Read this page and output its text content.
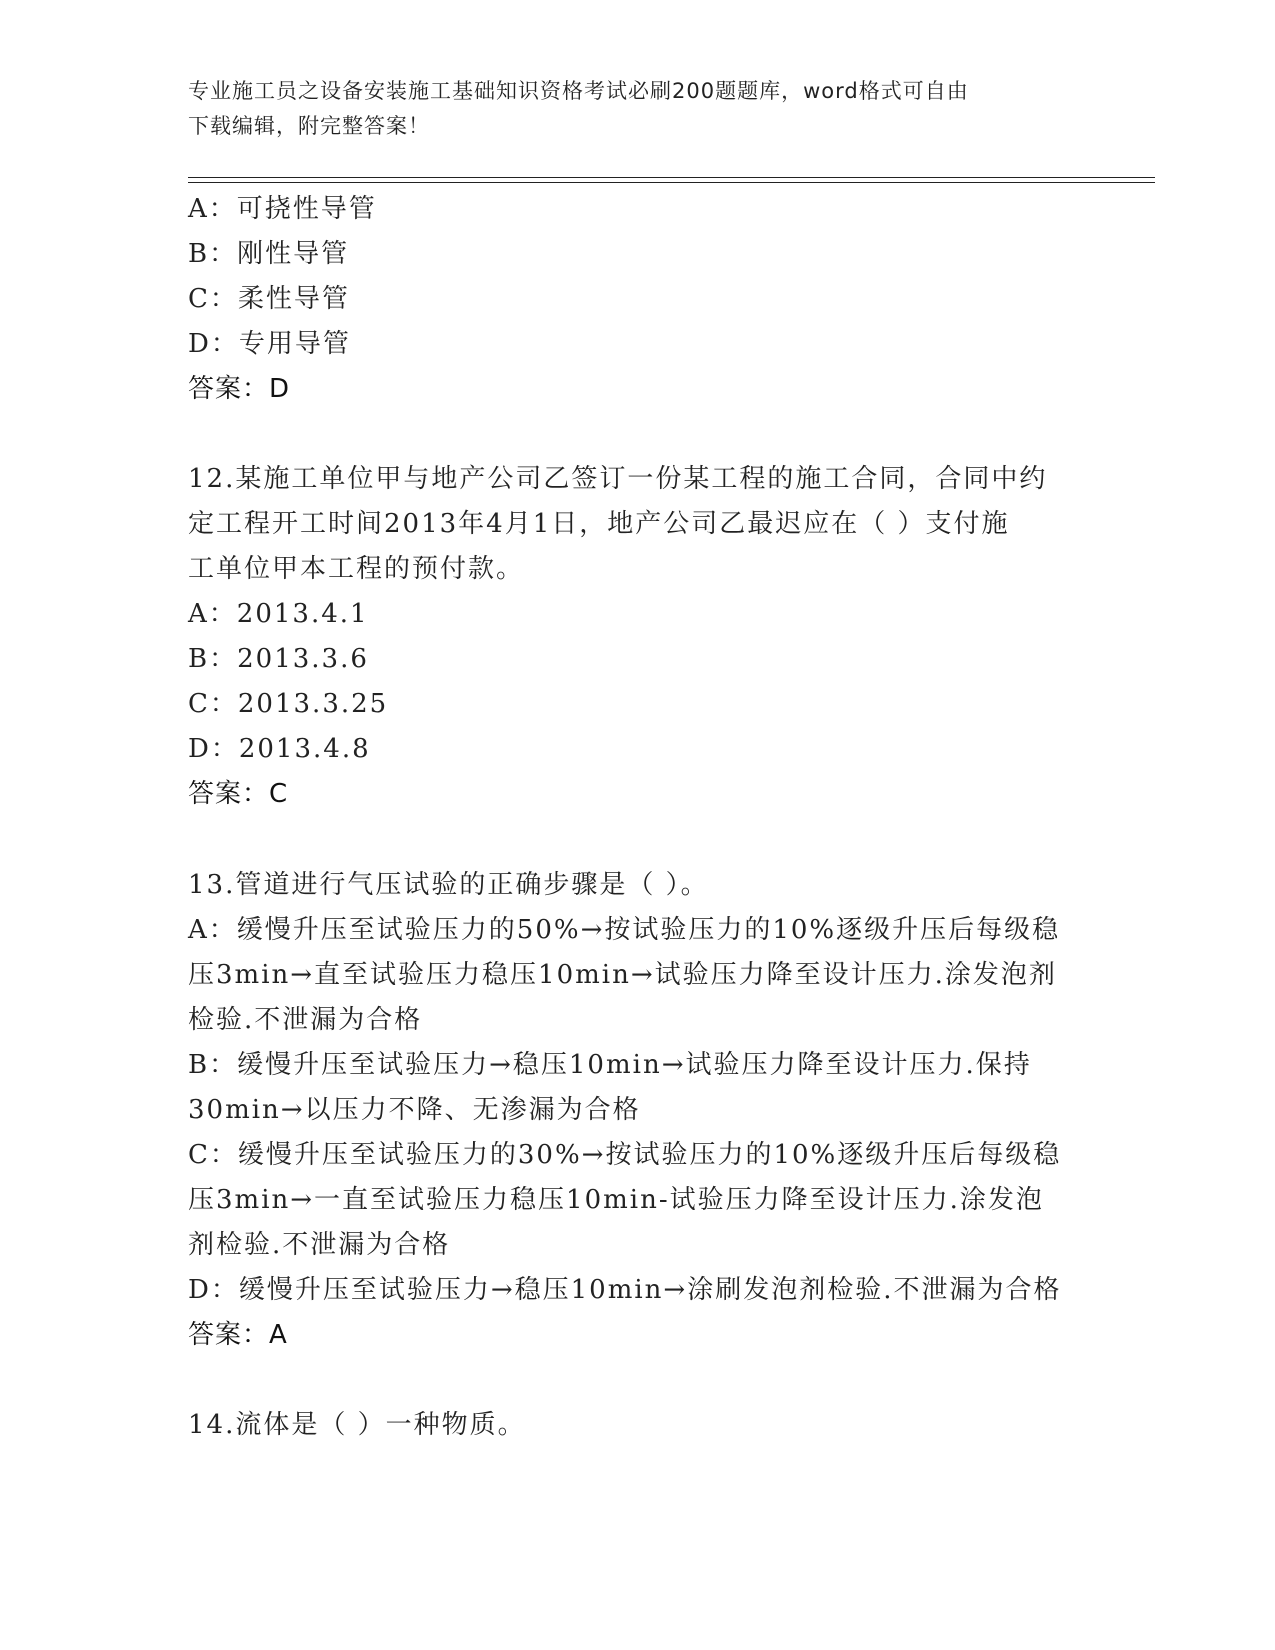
专业施工员之设备安装施工基础知识资格考试必刷200题题库，word格式可自由
下载编辑，附完整答案！
A：可挠性导管
B：刚性导管
C：柔性导管
D：专用导管
答案：D
12.某施工单位甲与地产公司乙签订一份某工程的施工合同，合同中约
定工程开工时间2013年4月1日，地产公司乙最迟应在（ ）支付施
工单位甲本工程的预付款。
A：2013.4.1
B：2013.3.6
C：2013.3.25
D：2013.4.8
答案：C
13.管道进行气压试验的正确步骤是（ ）。
A：缓慢升压至试验压力的50%→按试验压力的10%逐级升压后每级稳
压3min→直至试验压力稳压10min→试验压力降至设计压力.涂发泡剂
检验.不泄漏为合格
B：缓慢升压至试验压力→稳压10min→试验压力降至设计压力.保持
30min→以压力不降、无渗漏为合格
C：缓慢升压至试验压力的30%→按试验压力的10%逐级升压后每级稳
压3min→一直至试验压力稳压10min-试验压力降至设计压力.涂发泡
剂检验.不泄漏为合格
D：缓慢升压至试验压力→稳压10min→涂刷发泡剂检验.不泄漏为合格
答案：A
14.流体是（ ）一种物质。
